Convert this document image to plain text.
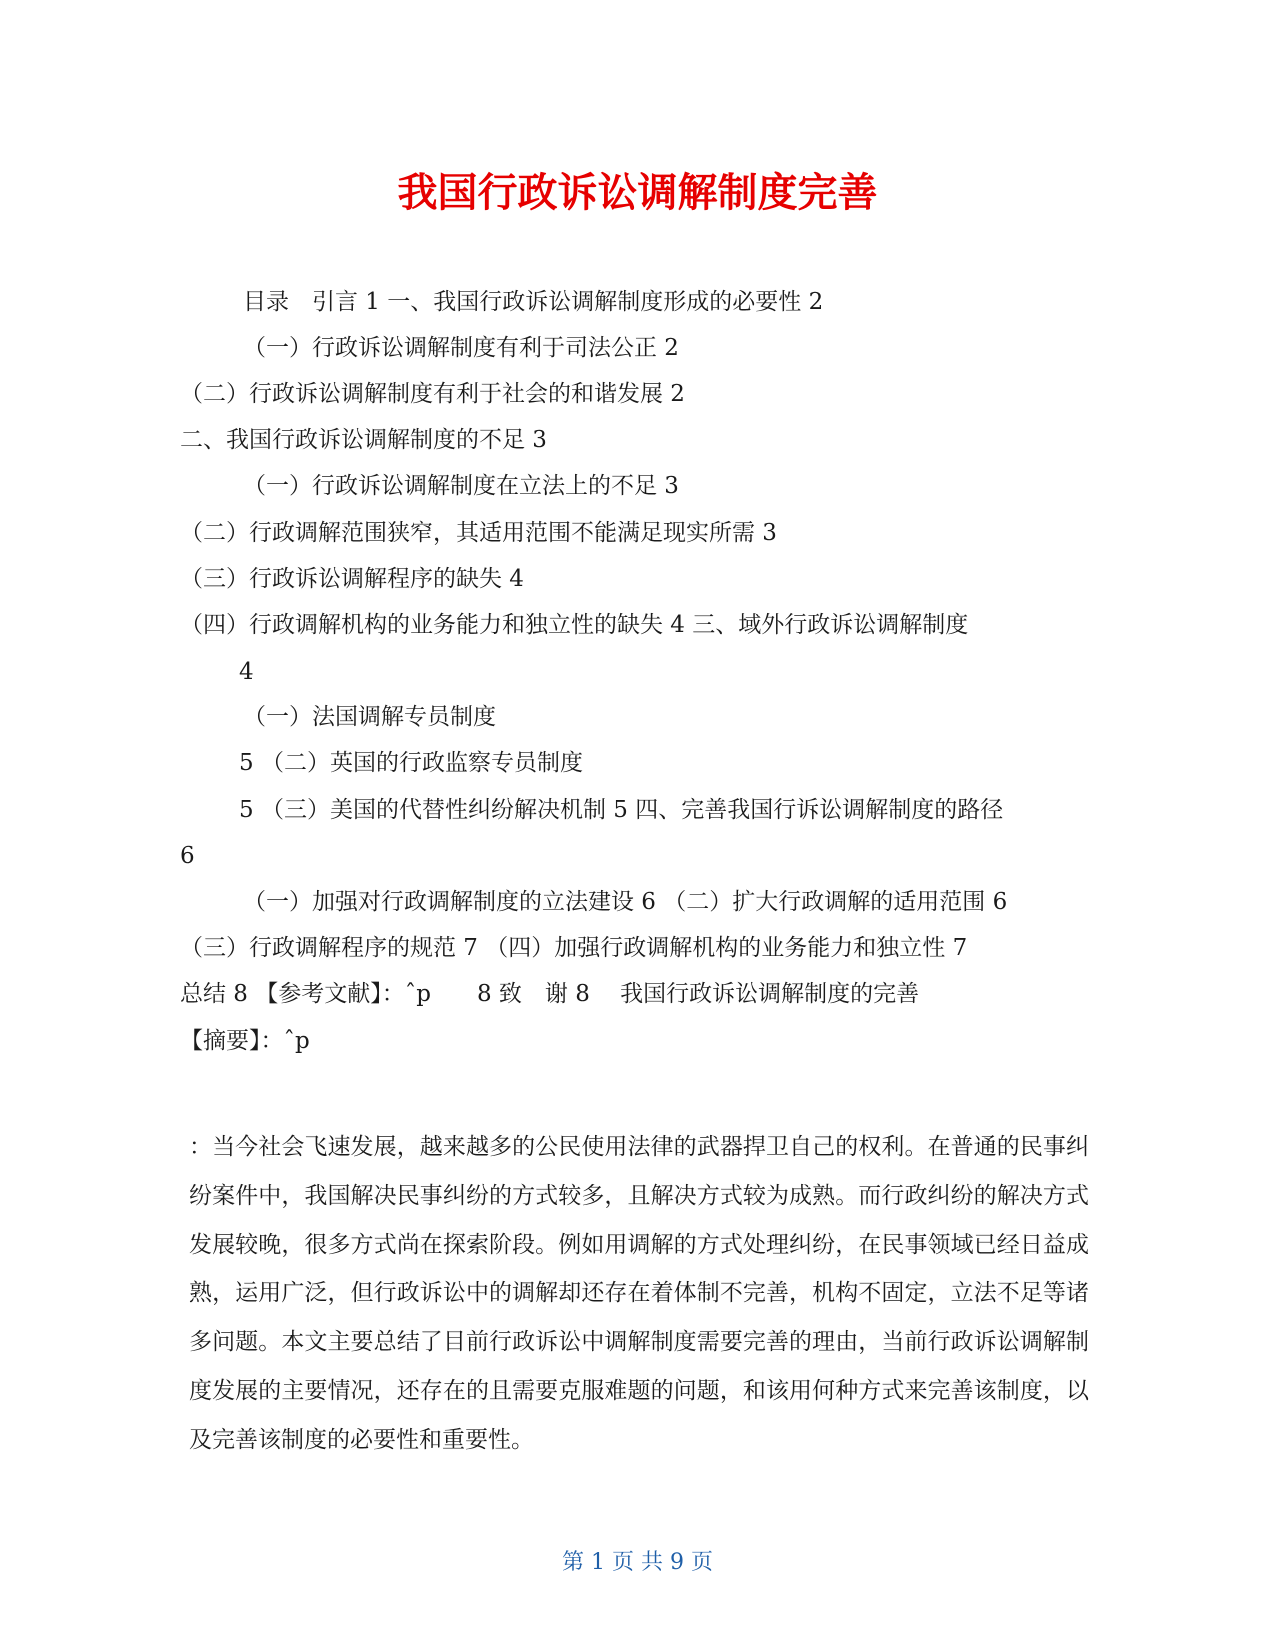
我国行政诉讼调解制度完善
目录　引言 1 一、我国行政诉讼调解制度形成的必要性 2
（一）行政诉讼调解制度有利于司法公正 2
（二）行政诉讼调解制度有利于社会的和谐发展 2
二、我国行政诉讼调解制度的不足 3
（一）行政诉讼调解制度在立法上的不足 3
（二）行政调解范围狭窄，其适用范围不能满足现实所需 3
（三）行政诉讼调解程序的缺失 4
（四）行政调解机构的业务能力和独立性的缺失 4 三、域外行政诉讼调解制度
4
（一）法国调解专员制度
5 （二）英国的行政监察专员制度
5 （三）美国的代替性纠纷解决机制 5 四、完善我国行诉讼调解制度的路径
6
（一）加强对行政调解制度的立法建设 6 （二）扩大行政调解的适用范围 6
（三）行政调解程序的规范 7 （四）加强行政调解机构的业务能力和独立性 7
总结 8 【参考文献】：ˆp　　8 致　谢 8　 我国行政诉讼调解制度的完善
【摘要】：ˆp
：当今社会飞速发展，越来越多的公民使用法律的武器捍卫自己的权利。在普通的民事纠纷案件中，我国解决民事纠纷的方式较多，且解决方式较为成熟。而行政纠纷的解决方式发展较晚，很多方式尚在探索阶段。例如用调解的方式处理纠纷，在民事领域已经日益成熟，运用广泛，但行政诉讼中的调解却还存在着体制不完善，机构不固定，立法不足等诸多问题。本文主要总结了目前行政诉讼中调解制度需要完善的理由，当前行政诉讼调解制度发展的主要情况，还存在的且需要克服难题的问题，和该用何种方式来完善该制度，以及完善该制度的必要性和重要性。
第 1 页 共 9 页
